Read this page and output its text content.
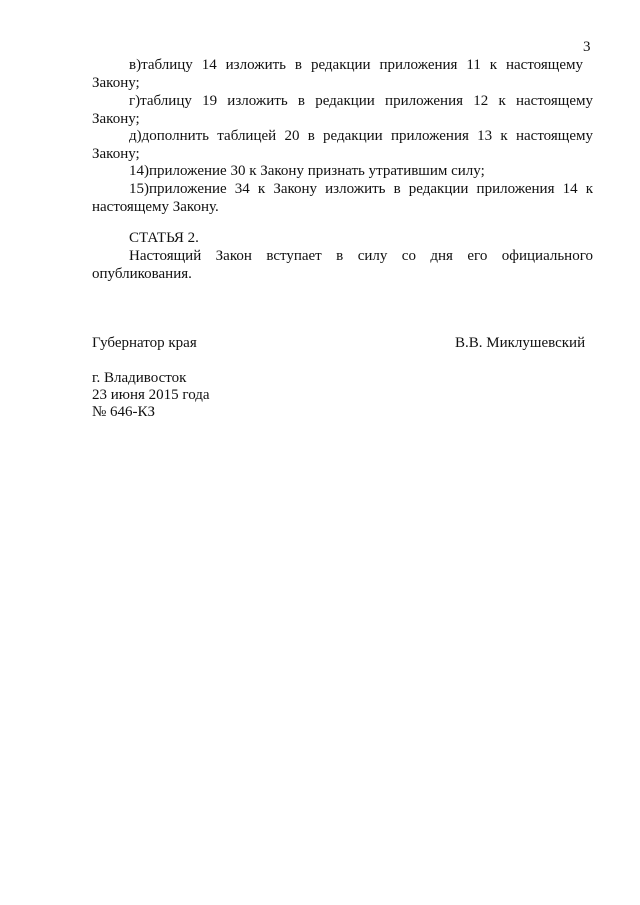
3
в)таблицу 14 изложить в редакции приложения 11 к настоящему
Закону;
г)таблицу 19 изложить в редакции приложения 12 к настоящему
Закону;
д)дополнить таблицей 20 в редакции приложения 13 к настоящему
Закону;
14)приложение 30 к Закону признать утратившим силу;
15)приложение 34 к Закону изложить в редакции приложения 14 к
настоящему Закону.
СТАТЬЯ 2.
Настоящий Закон вступает в силу со дня его официального
опубликования.
Губернатор края	В.В. Миклушевский
г. Владивосток
23 июня 2015 года
№ 646-КЗ
